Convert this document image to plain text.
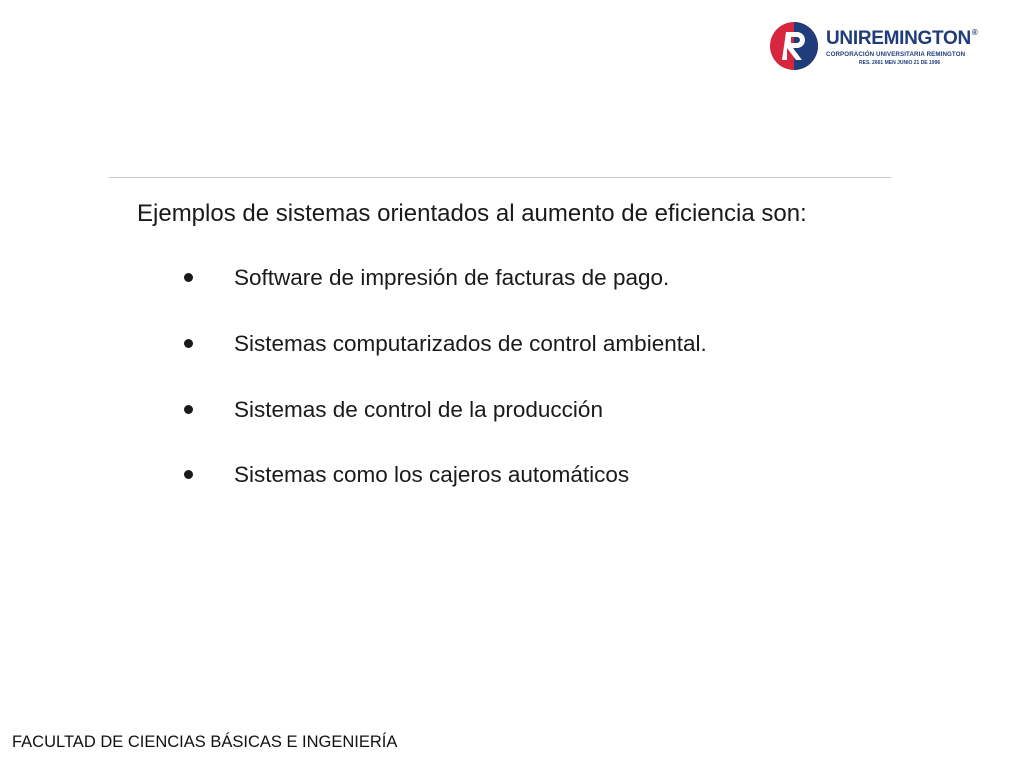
UNIREMINGTON®
CORPORACIÓN UNIVERSITARIA REMINGTON
RES. 2661 MEN JUNIO 21 DE 1996
Ejemplos de sistemas orientados al aumento de eficiencia son:
Software de impresión de facturas de pago.
Sistemas computarizados de control ambiental.
Sistemas de control de la producción
Sistemas como los cajeros automáticos
FACULTAD DE CIENCIAS BÁSICAS E INGENIERÍA
